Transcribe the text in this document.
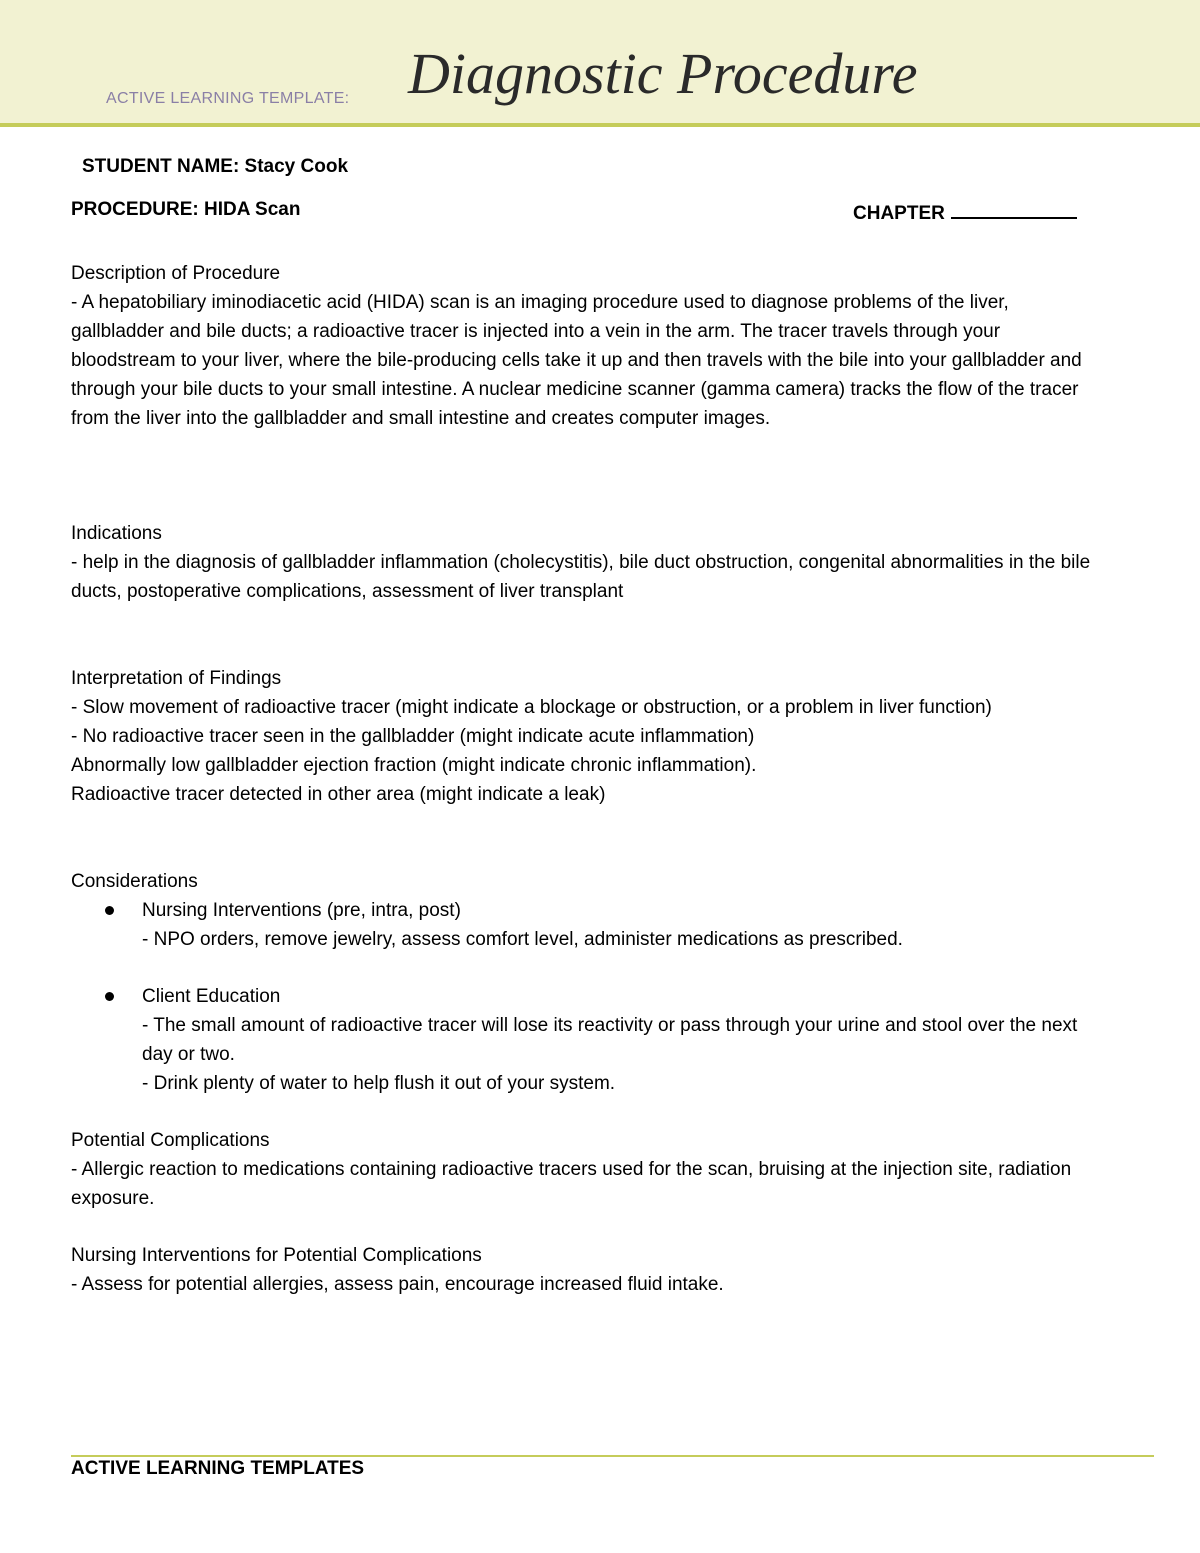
ACTIVE LEARNING TEMPLATE: Diagnostic Procedure
STUDENT NAME: Stacy Cook
PROCEDURE: HIDA Scan	CHAPTER

Description of Procedure

- A hepatobiliary iminodiacetic acid (HIDA) scan is an imaging procedure used to diagnose problems of the liver, gallbladder and bile ducts; a radioactive tracer is injected into a vein in the arm. The tracer travels through your bloodstream to your liver, where the bile-producing cells take it up and then travels with the bile into your gallbladder and through your bile ducts to your small intestine. A nuclear medicine scanner (gamma camera) tracks the flow of the tracer from the liver into the gallbladder and small intestine and creates computer images.

Indications

- help in the diagnosis of gallbladder inflammation (cholecystitis), bile duct obstruction, congenital abnormalities in the bile ducts, postoperative complications, assessment of liver transplant

Interpretation of Findings

- Slow movement of radioactive tracer (might indicate a blockage or obstruction, or a problem in liver function)

- No radioactive tracer seen in the gallbladder (might indicate acute inflammation)

Abnormally low gallbladder ejection fraction (might indicate chronic inflammation).

Radioactive tracer detected in other area (might indicate a leak)

Considerations

Nursing Interventions (pre, intra, post)

- NPO orders, remove jewelry, assess comfort level, administer medications as prescribed.

Client Education

- The small amount of radioactive tracer will lose its reactivity or pass through your urine and stool over the next day or two.

- Drink plenty of water to help flush it out of your system.

Potential Complications

- Allergic reaction to medications containing radioactive tracers used for the scan, bruising at the injection site, radiation exposure.

Nursing Interventions for Potential Complications

- Assess for potential allergies, assess pain, encourage increased fluid intake.

ACTIVE LEARNING TEMPLATES
